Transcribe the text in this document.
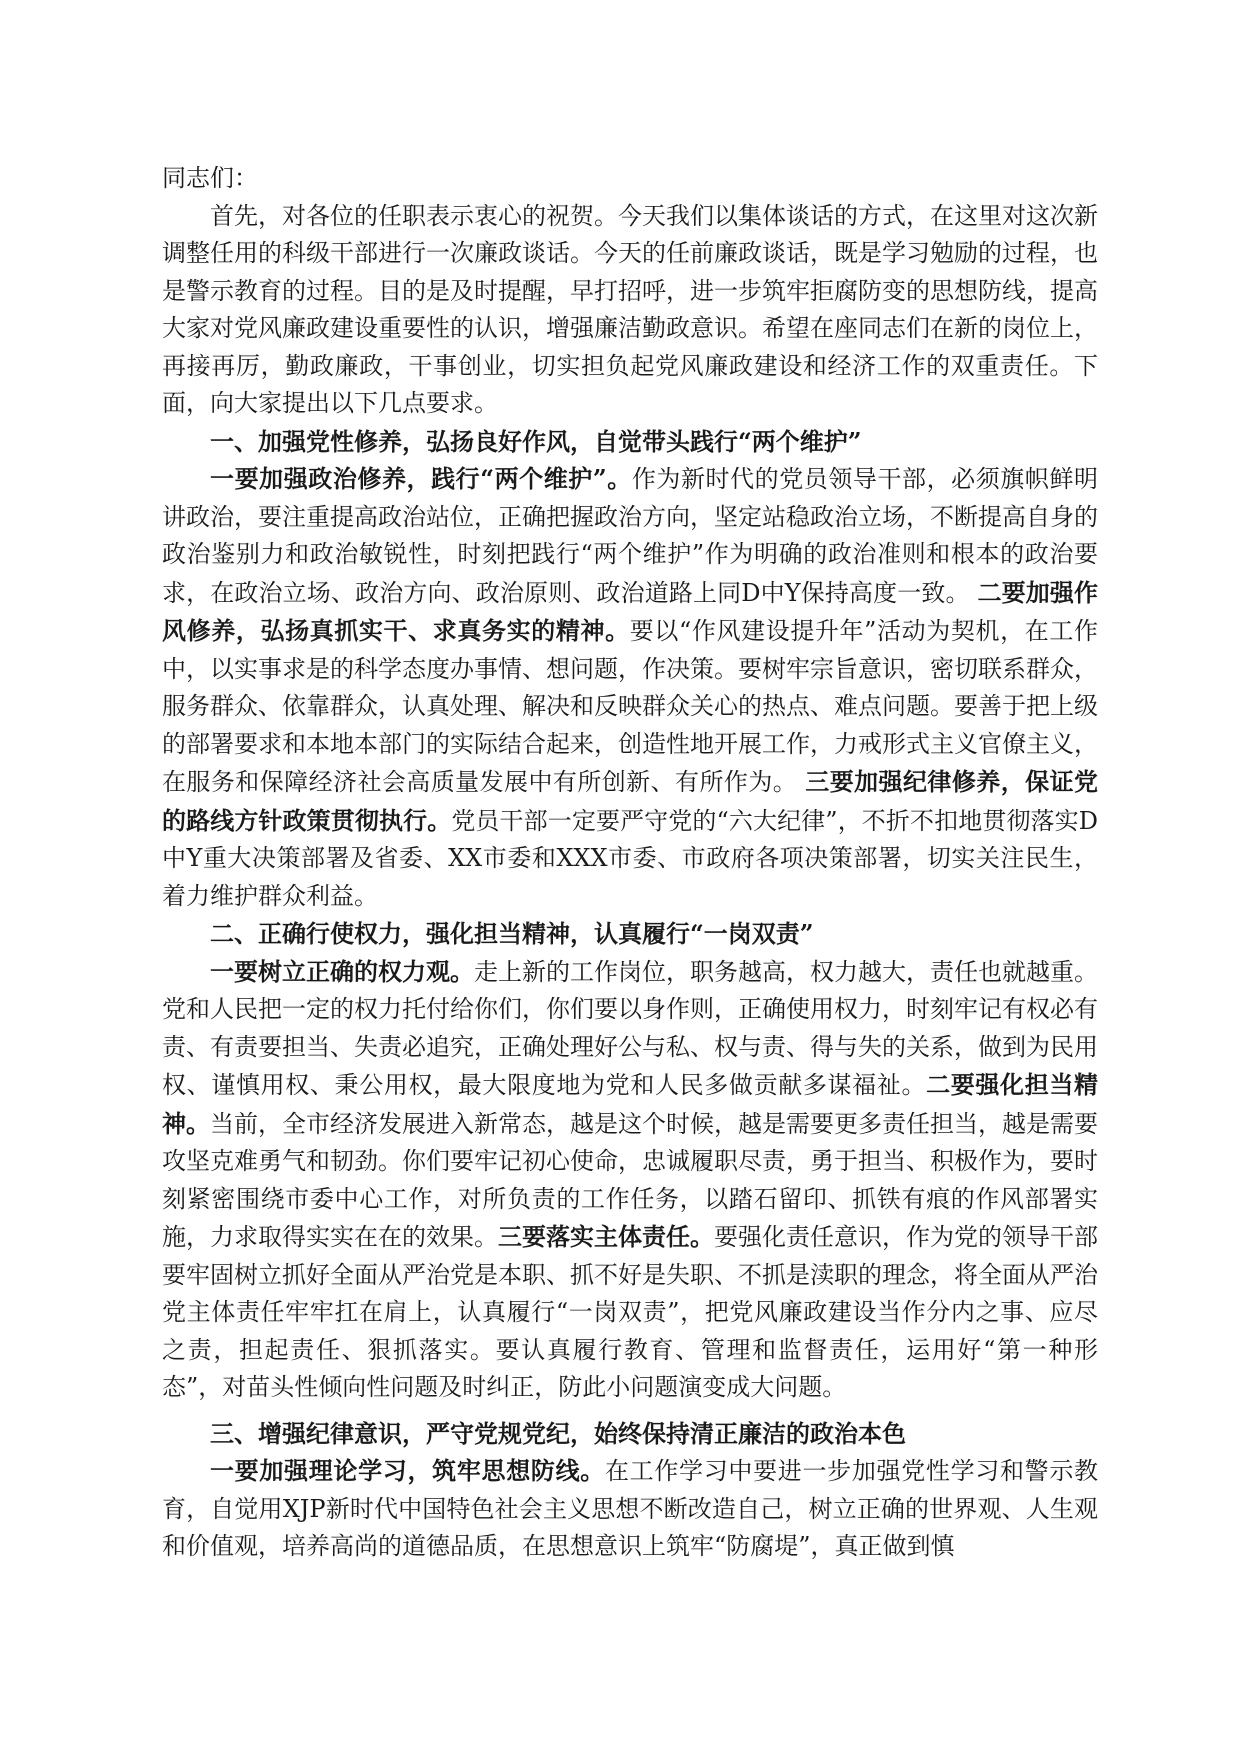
同志们：

首先，对各位的任职表示衷心的祝贺。今天我们以集体谈话的方式，在这里对这次新调整任用的科级干部进行一次廉政谈话。今天的任前廉政谈话，既是学习勉励的过程，也是警示教育的过程。目的是及时提醒，早打招呼，进一步筑牢拒腐防变的思想防线，提高大家对党风廉政建设重要性的认识，增强廉洁勤政意识。希望在座同志们在新的岗位上，再接再厉，勤政廉政，干事创业，切实担负起党风廉政建设和经济工作的双重责任。下面，向大家提出以下几点要求。

一、加强党性修养，弘扬良好作风，自觉带头践行“两个维护”

一要加强政治修养，践行“两个维护”。作为新时代的党员领导干部，必须旗帜鲜明讲政治，要注重提高政治站位，正确把握政治方向，坚定站稳政治立场，不断提高自身的政治鉴别力和政治敏锐性，时刻把践行“两个维护”作为明确的政治准则和根本的政治要求，在政治立场、政治方向、政治原则、政治道路上同D中Y保持高度一致。 二要加强作风修养，弘扬真抓实干、求真务实的精神。要以“作风建设提升年”活动为契机，在工作中，以实事求是的科学态度办事情、想问题，作决策。要树牢宗旨意识，密切联系群众，服务群众、依靠群众，认真处理、解决和反映群众关心的热点、难点问题。要善于把上级的部署要求和本地本部门的实际结合起来，创造性地开展工作，力戒形式主义官僚主义，在服务和保障经济社会高质量发展中有所创新、有所作为。 三要加强纪律修养，保证党的路线方针政策贯彻执行。党员干部一定要严守党的“六大纪律”，不折不扣地贯彻落实D中Y重大决策部署及省委、XX市委和XXX市委、市政府各项决策部署，切实关注民生，着力维护群众利益。

二、正确行使权力，强化担当精神，认真履行“一岗双责”

一要树立正确的权力观。走上新的工作岗位，职务越高，权力越大，责任也就越重。党和人民把一定的权力托付给你们，你们要以身作则，正确使用权力，时刻牢记有权必有责、有责要担当、失责必追究，正确处理好公与私、权与责、得与失的关系，做到为民用权、谨慎用权、秉公用权，最大限度地为党和人民多做贡献多谋福祉。二要强化担当精神。当前，全市经济发展进入新常态，越是这个时候，越是需要更多责任担当，越是需要攻坚克难勇气和韧劲。你们要牢记初心使命，忠诚履职尽责，勇于担当、积极作为，要时刻紧密围绕市委中心工作，对所负责的工作任务，以踏石留印、抓铁有痕的作风部署实施，力求取得实实在在的效果。三要落实主体责任。要强化责任意识，作为党的领导干部要牢固树立抓好全面从严治党是本职、抓不好是失职、不抓是渎职的理念，将全面从严治党主体责任牢牢扛在肩上，认真履行“一岗双责”，把党风廉政建设当作分内之事、应尽之责，担起责任、狠抓落实。要认真履行教育、管理和监督责任，运用好“第一种形态”，对苗头性倾向性问题及时纠正，防此小问题演变成大问题。

三、增强纪律意识，严守党规党纪，始终保持清正廉洁的政治本色

一要加强理论学习，筑牢思想防线。在工作学习中要进一步加强党性学习和警示教育，自觉用XJP新时代中国特色社会主义思想不断改造自己，树立正确的世界观、人生观和价值观，培养高尚的道德品质，在思想意识上筑牢“防腐堤”，真正做到慎
